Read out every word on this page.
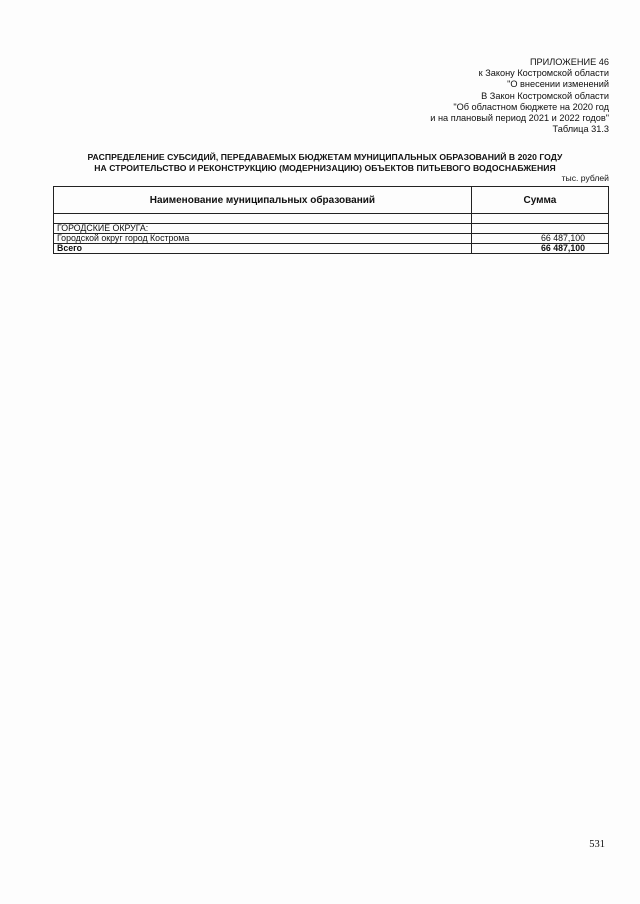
ПРИЛОЖЕНИЕ 46
к Закону Костромской области
"О внесении изменений
В Закон Костромской области
"Об областном бюджете на 2020 год
и на плановый период 2021 и 2022 годов"
Таблица 31.3
РАСПРЕДЕЛЕНИЕ СУБСИДИЙ, ПЕРЕДАВАЕМЫХ БЮДЖЕТАМ МУНИЦИПАЛЬНЫХ ОБРАЗОВАНИЙ В 2020 ГОДУ
НА СТРОИТЕЛЬСТВО И РЕКОНСТРУКЦИЮ (МОДЕРНИЗАЦИЮ) ОБЪЕКТОВ ПИТЬЕВОГО ВОДОСНАБЖЕНИЯ
тыс. рублей
Наименование муниципальных образований	Сумма

ГОРОДСКИЕ ОКРУГА:	
Городской округ город Кострома	66 487,100
Всего	66 487,100
531
